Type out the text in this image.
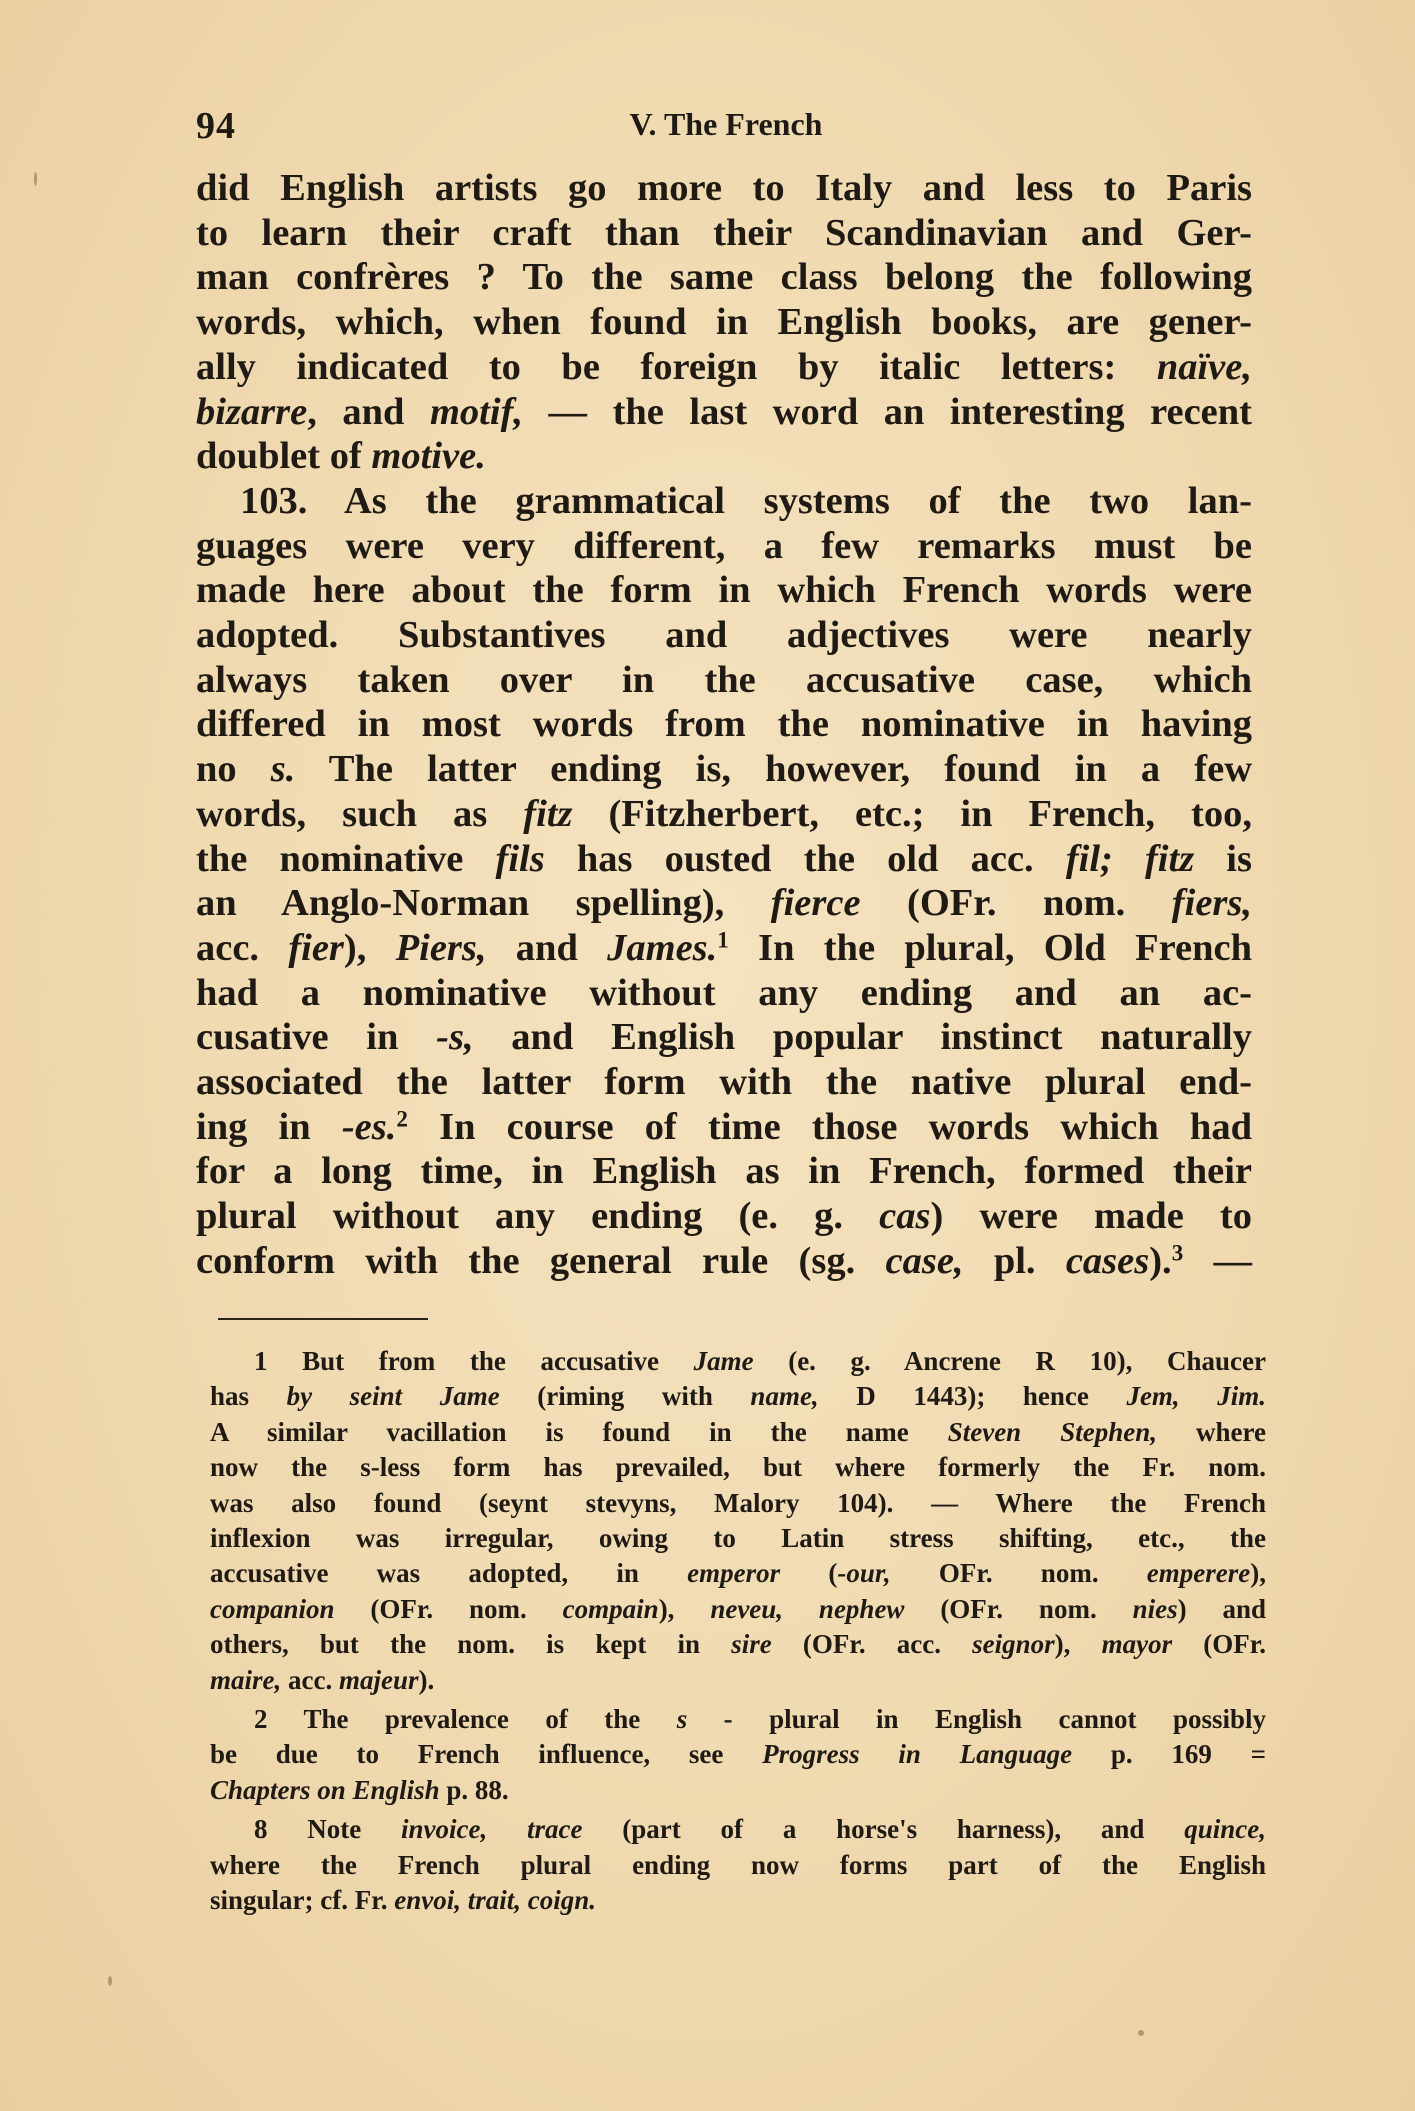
94	V. The French

did English artists go more to Italy and less to Paris
to learn their craft than their Scandinavian and Ger-
man confrères ? To the same class belong the following
words, which, when found in English books, are gener-
ally indicated to be foreign by italic letters: naïve,
bizarre, and motif, — the last word an interesting recent
doublet of motive.

103. As the grammatical systems of the two lan-
guages were very different, a few remarks must be
made here about the form in which French words were
adopted. Substantives and adjectives were nearly
always taken over in the accusative case, which
differed in most words from the nominative in having
no s. The latter ending is, however, found in a few
words, such as fitz (Fitzherbert, etc.; in French, too,
the nominative fils has ousted the old acc. fil; fitz is
an Anglo-Norman spelling), fierce (OFr. nom. fiers,
acc. fier), Piers, and James.$^1$ In the plural, Old French
had a nominative without any ending and an ac-
cusative in -s, and English popular instinct naturally
associated the latter form with the native plural end-
ing in -es.$^2$ In course of time those words which had
for a long time, in English as in French, formed their
plural without any ending (e. g. cas) were made to
conform with the general rule (sg. case, pl. cases).$^3$ —

1 But from the accusative Jame (e. g. Ancrene R 10), Chaucer
has by seint Jame (riming with name, D 1443); hence Jem, Jim.
A similar vacillation is found in the name Steven Stephen, where
now the s-less form has prevailed, but where formerly the Fr. nom.
was also found (seynt stevyns, Malory 104). — Where the French
inflexion was irregular, owing to Latin stress shifting, etc., the
accusative was adopted, in emperor (-our, OFr. nom. emperere),
companion (OFr. nom. compain), neveu, nephew (OFr. nom. nies) and
others, but the nom. is kept in sire (OFr. acc. seignor), mayor (OFr.
maire, acc. majeur).

2 The prevalence of the s - plural in English cannot possibly
be due to French influence, see Progress in Language p. 169 =
Chapters on English p. 88.

8 Note invoice, trace (part of a horse's harness), and quince,
where the French plural ending now forms part of the English
singular; cf. Fr. envoi, trait, coign.
